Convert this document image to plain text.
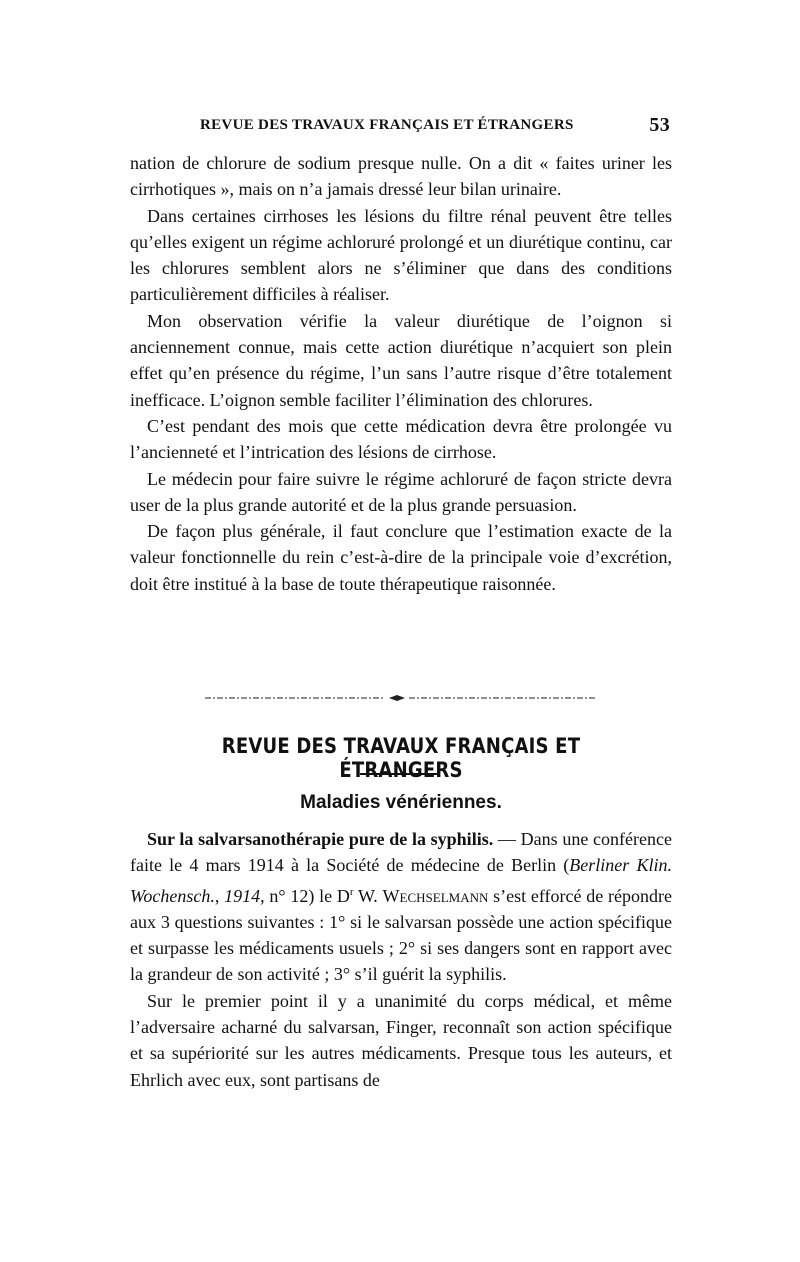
REVUE DES TRAVAUX FRANÇAIS ET ÉTRANGERS	53

nation de chlorure de sodium presque nulle. On a dit « faites uriner les cirrhotiques », mais on n’a jamais dressé leur bilan urinaire.

Dans certaines cirrhoses les lésions du filtre rénal peuvent être telles qu’elles exigent un régime achloruré prolongé et un diurétique continu, car les chlorures semblent alors ne s’éliminer que dans des conditions particulièrement difficiles à réaliser.

Mon observation vérifie la valeur diurétique de l’oignon si anciennement connue, mais cette action diurétique n’acquiert son plein effet qu’en présence du régime, l’un sans l’autre risque d’être totalement inefficace. L’oignon semble faciliter l’élimination des chlorures.

C’est pendant des mois que cette médication devra être prolongée vu l’ancienneté et l’intrication des lésions de cirrhose.

Le médecin pour faire suivre le régime achloruré de façon stricte devra user de la plus grande autorité et de la plus grande persuasion.

De façon plus générale, il faut conclure que l’estimation exacte de la valeur fonctionnelle du rein c’est-à-dire de la principale voie d’excrétion, doit être institué à la base de toute thérapeutique raisonnée.

REVUE DES TRAVAUX FRANÇAIS ET ÉTRANGERS
Maladies vénériennes.

Sur la salvarsanothérapie pure de la syphilis. — Dans une conférence faite le 4 mars 1914 à la Société de médecine de Berlin (Berliner Klin. Wochensch., 1914, n° 12) le $D^r$ W. Wechselmann s’est efforcé de répondre aux 3 questions suivantes : 1° si le salvarsan possède une action spécifique et surpasse les médicaments usuels ; 2° si ses dangers sont en rapport avec la grandeur de son activité ; 3° s’il guérit la syphilis.

Sur le premier point il y a unanimité du corps médical, et même l’adversaire acharné du salvarsan, Finger, reconnaît son action spécifique et sa supériorité sur les autres médicaments. Presque tous les auteurs, et Ehrlich avec eux, sont partisans de
